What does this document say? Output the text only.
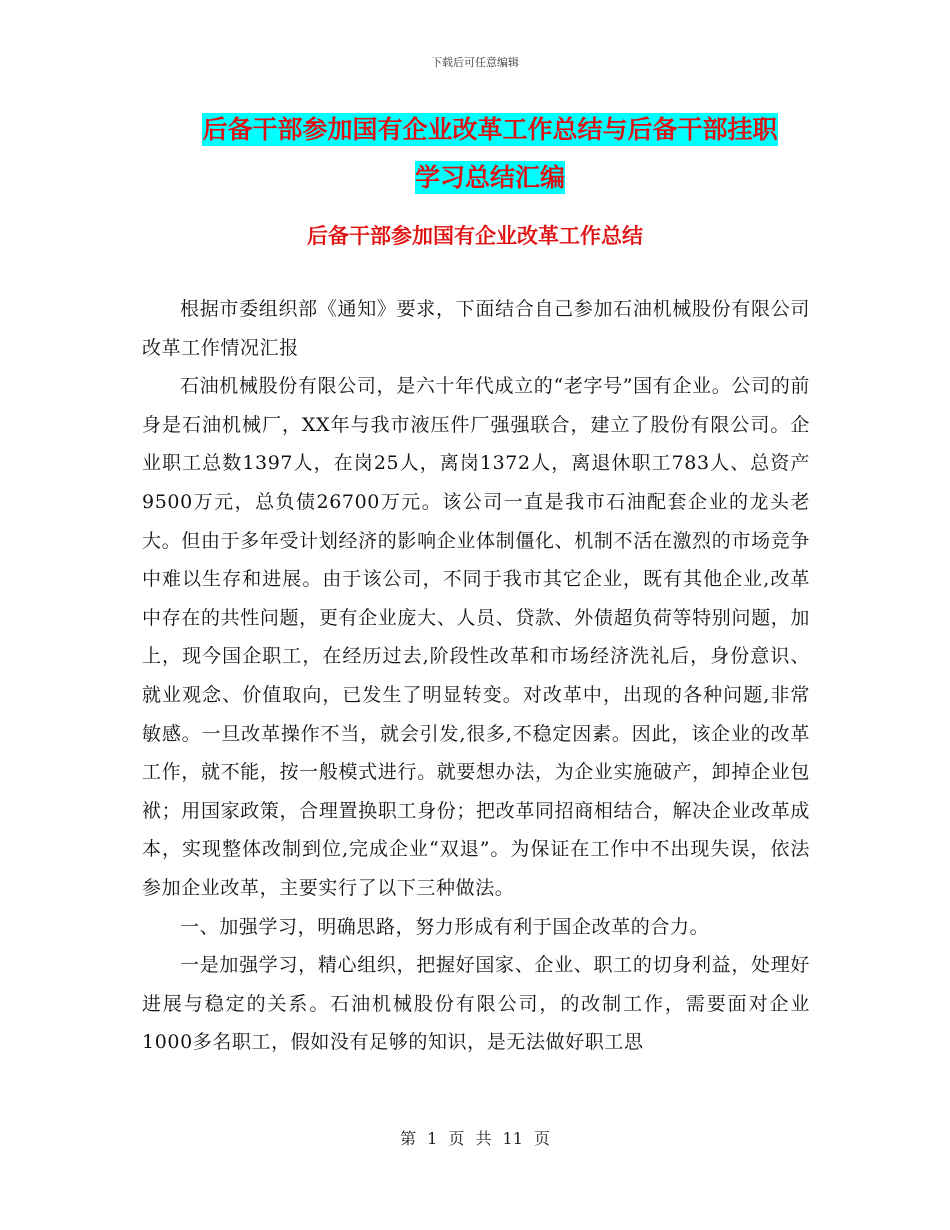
下载后可任意编辑
后备干部参加国有企业改革工作总结与后备干部挂职
学习总结汇编
后备干部参加国有企业改革工作总结

根据市委组织部《通知》要求，下面结合自己参加石油机械股份有限公司改革工作情况汇报

石油机械股份有限公司，是六十年代成立的“老字号”国有企业。公司的前身是石油机械厂，XX年与我市液压件厂强强联合，建立了股份有限公司。企业职工总数1397人，在岗25人，离岗1372人，离退休职工783人、总资产9500万元，总负债26700万元。该公司一直是我市石油配套企业的龙头老大。但由于多年受计划经济的影响企业体制僵化、机制不活在激烈的市场竞争中难以生存和进展。由于该公司，不同于我市其它企业，既有其他企业,改革中存在的共性问题，更有企业庞大、人员、贷款、外债超负荷等特别问题，加上，现今国企职工，在经历过去,阶段性改革和市场经济洗礼后，身份意识、就业观念、价值取向，已发生了明显转变。对改革中，出现的各种问题,非常敏感。一旦改革操作不当，就会引发,很多,不稳定因素。因此，该企业的改革工作，就不能，按一般模式进行。就要想办法，为企业实施破产，卸掉企业包袱；用国家政策，合理置换职工身份；把改革同招商相结合，解决企业改革成本，实现整体改制到位,完成企业“双退”。为保证在工作中不出现失误，依法参加企业改革，主要实行了以下三种做法。

一、加强学习，明确思路，努力形成有利于国企改革的合力。

一是加强学习，精心组织，把握好国家、企业、职工的切身利益，处理好进展与稳定的关系。石油机械股份有限公司，的改制工作，需要面对企业1000多名职工，假如没有足够的知识，是无法做好职工思

第 1 页 共 11 页
